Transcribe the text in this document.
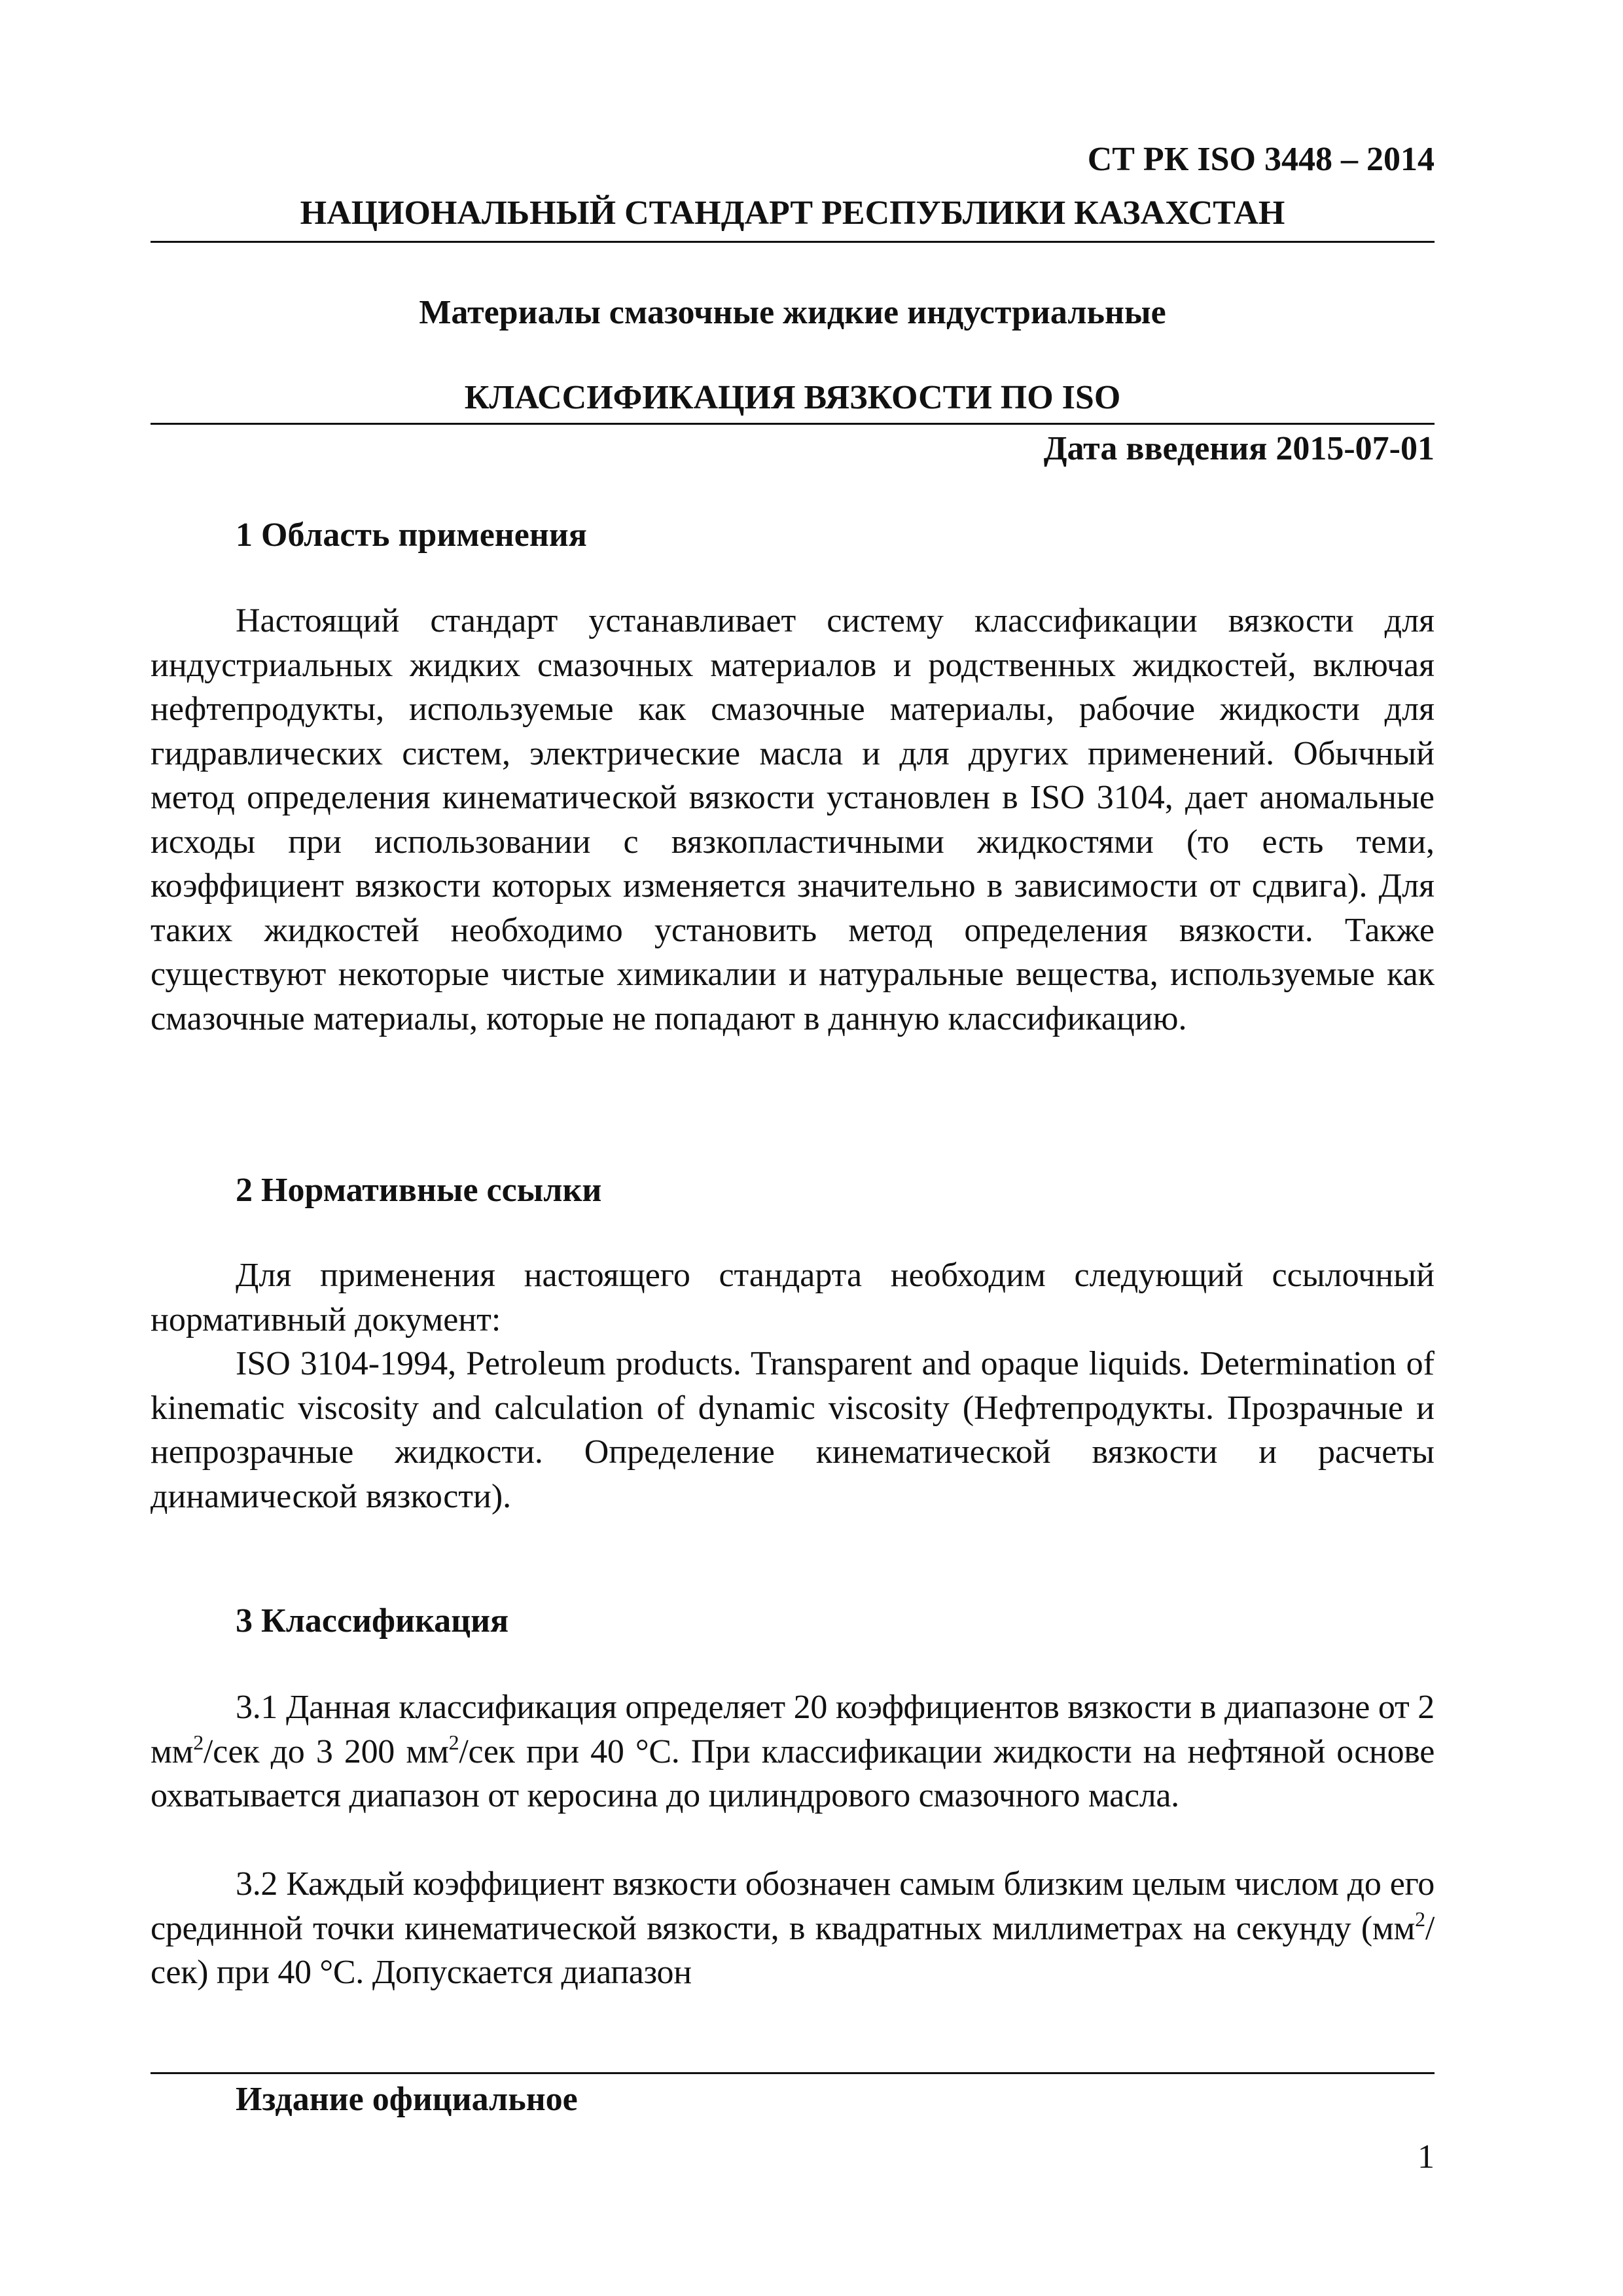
СТ РК ISO 3448 – 2014
НАЦИОНАЛЬНЫЙ СТАНДАРТ РЕСПУБЛИКИ КАЗАХСТАН
Материалы смазочные жидкие индустриальные
КЛАССИФИКАЦИЯ ВЯЗКОСТИ ПО ISO
Дата введения 2015-07-01
1 Область применения
Настоящий стандарт устанавливает систему классификации вязкости для индустриальных жидких смазочных материалов и родственных жидкостей, включая нефтепродукты, используемые как смазочные материалы, рабочие жидкости для гидравлических систем, электрические масла и для других применений. Обычный метод определения кинематической вязкости установлен в ISO 3104, дает аномальные исходы при использовании с вязкопластичными жидкостями (то есть теми, коэффициент вязкости которых изменяется значительно в зависимости от сдвига). Для таких жидкостей необходимо установить метод определения вязкости. Также существуют некоторые чистые химикалии и натуральные вещества, используемые как смазочные материалы, которые не попадают в данную классификацию.
2 Нормативные ссылки
Для применения настоящего стандарта необходим следующий ссылочный нормативный документ:
ISO 3104-1994, Petroleum products. Transparent and opaque liquids. Determination of kinematic viscosity and calculation of dynamic viscosity (Нефтепродукты. Прозрачные и непрозрачные жидкости. Определение кинематической вязкости и расчеты динамической вязкости).
3 Классификация
3.1 Данная классификация определяет 20 коэффициентов вязкости в диапазоне от 2 $мм^2$/сек до 3 200 $мм^2$/сек при 40 °C. При классификации жидкости на нефтяной основе охватывается диапазон от керосина до цилиндрового смазочного масла.
3.2 Каждый коэффициент вязкости обозначен самым близким целым числом до его срединной точки кинематической вязкости, в квадратных миллиметрах на секунду $(мм^2/сек)$ при 40 °C. Допускается диапазон
Издание официальное
1
